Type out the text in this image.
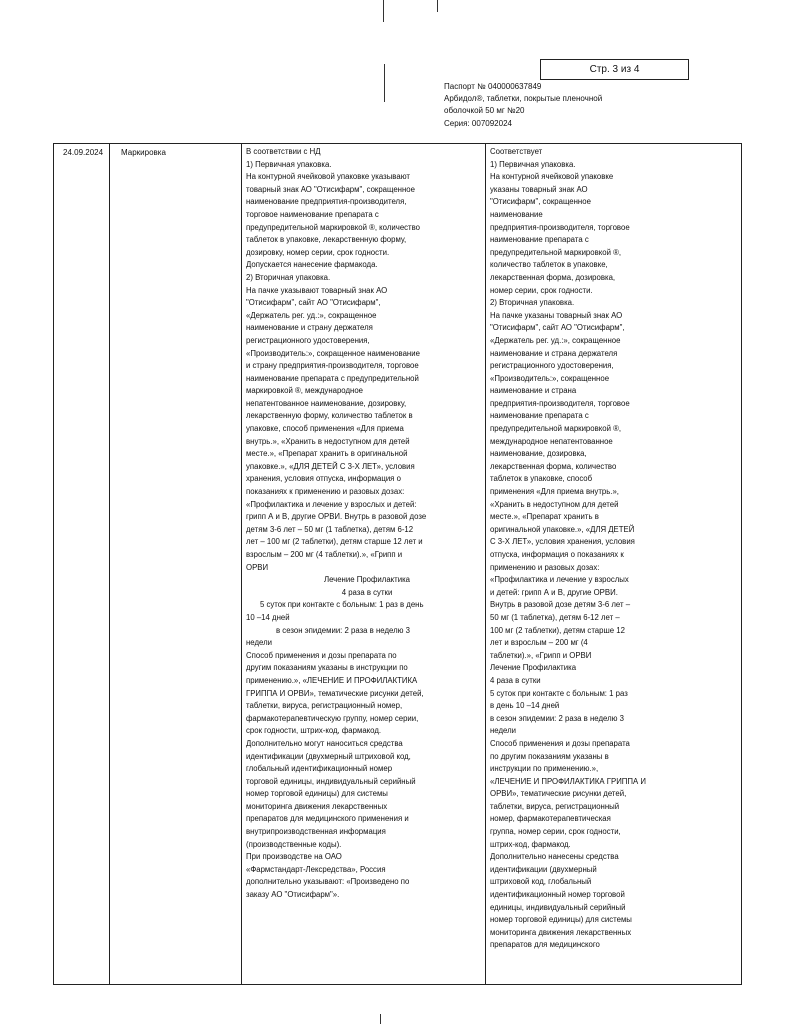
Стр. 3 из 4
Паспорт № 040000637849
Арбидол®, таблетки, покрытые пленочной
оболочкой 50 мг №20
Серия: 007092024
24.09.2024 Маркировка	В соответствии с НД
1) Первичная упаковка.
На контурной ячейковой упаковке указывают
товарный знак АО "Отисифарм", сокращенное
наименование предприятия-производителя,
торговое наименование препарата с
предупредительной маркировкой ®, количество
таблеток в упаковке, лекарственную форму,
дозировку, номер серии, срок годности.
Допускается нанесение фармакода.
2) Вторичная упаковка.
На пачке указывают товарный знак АО
"Отисифарм", сайт АО "Отисифарм",
«Держатель рег. уд.:», сокращенное
наименование и страну держателя
регистрационного удостоверения,
«Производитель:», сокращенное наименование
и страну предприятия-производителя, торговое
наименование препарата с предупредительной
маркировкой ®, международное
непатентованное наименование, дозировку,
лекарственную форму, количество таблеток в
упаковке, способ применения «Для приема
внутрь.», «Хранить в недоступном для детей
месте.», «Препарат хранить в оригинальной
упаковке.», «ДЛЯ ДЕТЕЙ С 3-Х ЛЕТ», условия
хранения, условия отпуска, информация о
показаниях к применению и разовых дозах:
«Профилактика и лечение у взрослых и детей:
грипп А и В, другие ОРВИ. Внутрь в разовой дозе
детям 3-6 лет – 50 мг (1 таблетка), детям 6-12
лет – 100 мг (2 таблетки), детям старше 12 лет и
взрослым – 200 мг (4 таблетки).», «Грипп и
ОРВИ
Лечение Профилактика
4 раза в сутки
5 суток при контакте с больным: 1 раз в день
10 –14 дней
в сезон эпидемии: 2 раза в неделю 3
недели
Способ применения и дозы препарата по
другим показаниям указаны в инструкции по
применению.», «ЛЕЧЕНИЕ И ПРОФИЛАКТИКА
ГРИППА И ОРВИ», тематические рисунки детей,
таблетки, вируса, регистрационный номер,
фармакотерапевтическую группу, номер серии,
срок годности, штрих-код, фармакод.
Дополнительно могут наноситься средства
идентификации (двухмерный штриховой код,
глобальный идентификационный номер
торговой единицы, индивидуальный серийный
номер торговой единицы) для системы
мониторинга движения лекарственных
препаратов для медицинского применения и
внутрипроизводственная информация
(производственные коды).
При производстве на ОАО
«Фармстандарт-Лексредства», Россия
дополнительно указывают: «Произведено по
заказу АО "Отисифарм"».
Соответствует
1) Первичная упаковка.
На контурной ячейковой упаковке
указаны товарный знак АО
"Отисифарм", сокращенное
наименование
предприятия-производителя, торговое
наименование препарата с
предупредительной маркировкой ®,
количество таблеток в упаковке,
лекарственная форма, дозировка,
номер серии, срок годности.
2) Вторичная упаковка.
На пачке указаны товарный знак АО
"Отисифарм", сайт АО "Отисифарм",
«Держатель рег. уд.:», сокращенное
наименование и страна держателя
регистрационного удостоверения,
«Производитель:», сокращенное
наименование и страна
предприятия-производителя, торговое
наименование препарата с
предупредительной маркировкой ®,
международное непатентованное
наименование, дозировка,
лекарственная форма, количество
таблеток в упаковке, способ
применения «Для приема внутрь.»,
«Хранить в недоступном для детей
месте.», «Препарат хранить в
оригинальной упаковке.», «ДЛЯ ДЕТЕЙ
С 3-Х ЛЕТ», условия хранения, условия
отпуска, информация о показаниях к
применению и разовых дозах:
«Профилактика и лечение у взрослых
и детей: грипп А и В, другие ОРВИ.
Внутрь в разовой дозе детям 3-6 лет –
50 мг (1 таблетка), детям 6-12 лет –
100 мг (2 таблетки), детям старше 12
лет и взрослым – 200 мг (4
таблетки).», «Грипп и ОРВИ
Лечение Профилактика
4 раза в сутки
5 суток при контакте с больным: 1 раз
в день 10 –14 дней
в сезон эпидемии: 2 раза в неделю 3
недели
Способ применения и дозы препарата
по другим показаниям указаны в
инструкции по применению.»,
«ЛЕЧЕНИЕ И ПРОФИЛАКТИКА ГРИППА И
ОРВИ», тематические рисунки детей,
таблетки, вируса, регистрационный
номер, фармакотерапевтическая
группа, номер серии, срок годности,
штрих-код, фармакод.
Дополнительно нанесены средства
идентификации (двухмерный
штриховой код, глобальный
идентификационный номер торговой
единицы, индивидуальный серийный
номер торговой единицы) для системы
мониторинга движения лекарственных
препаратов для медицинского
